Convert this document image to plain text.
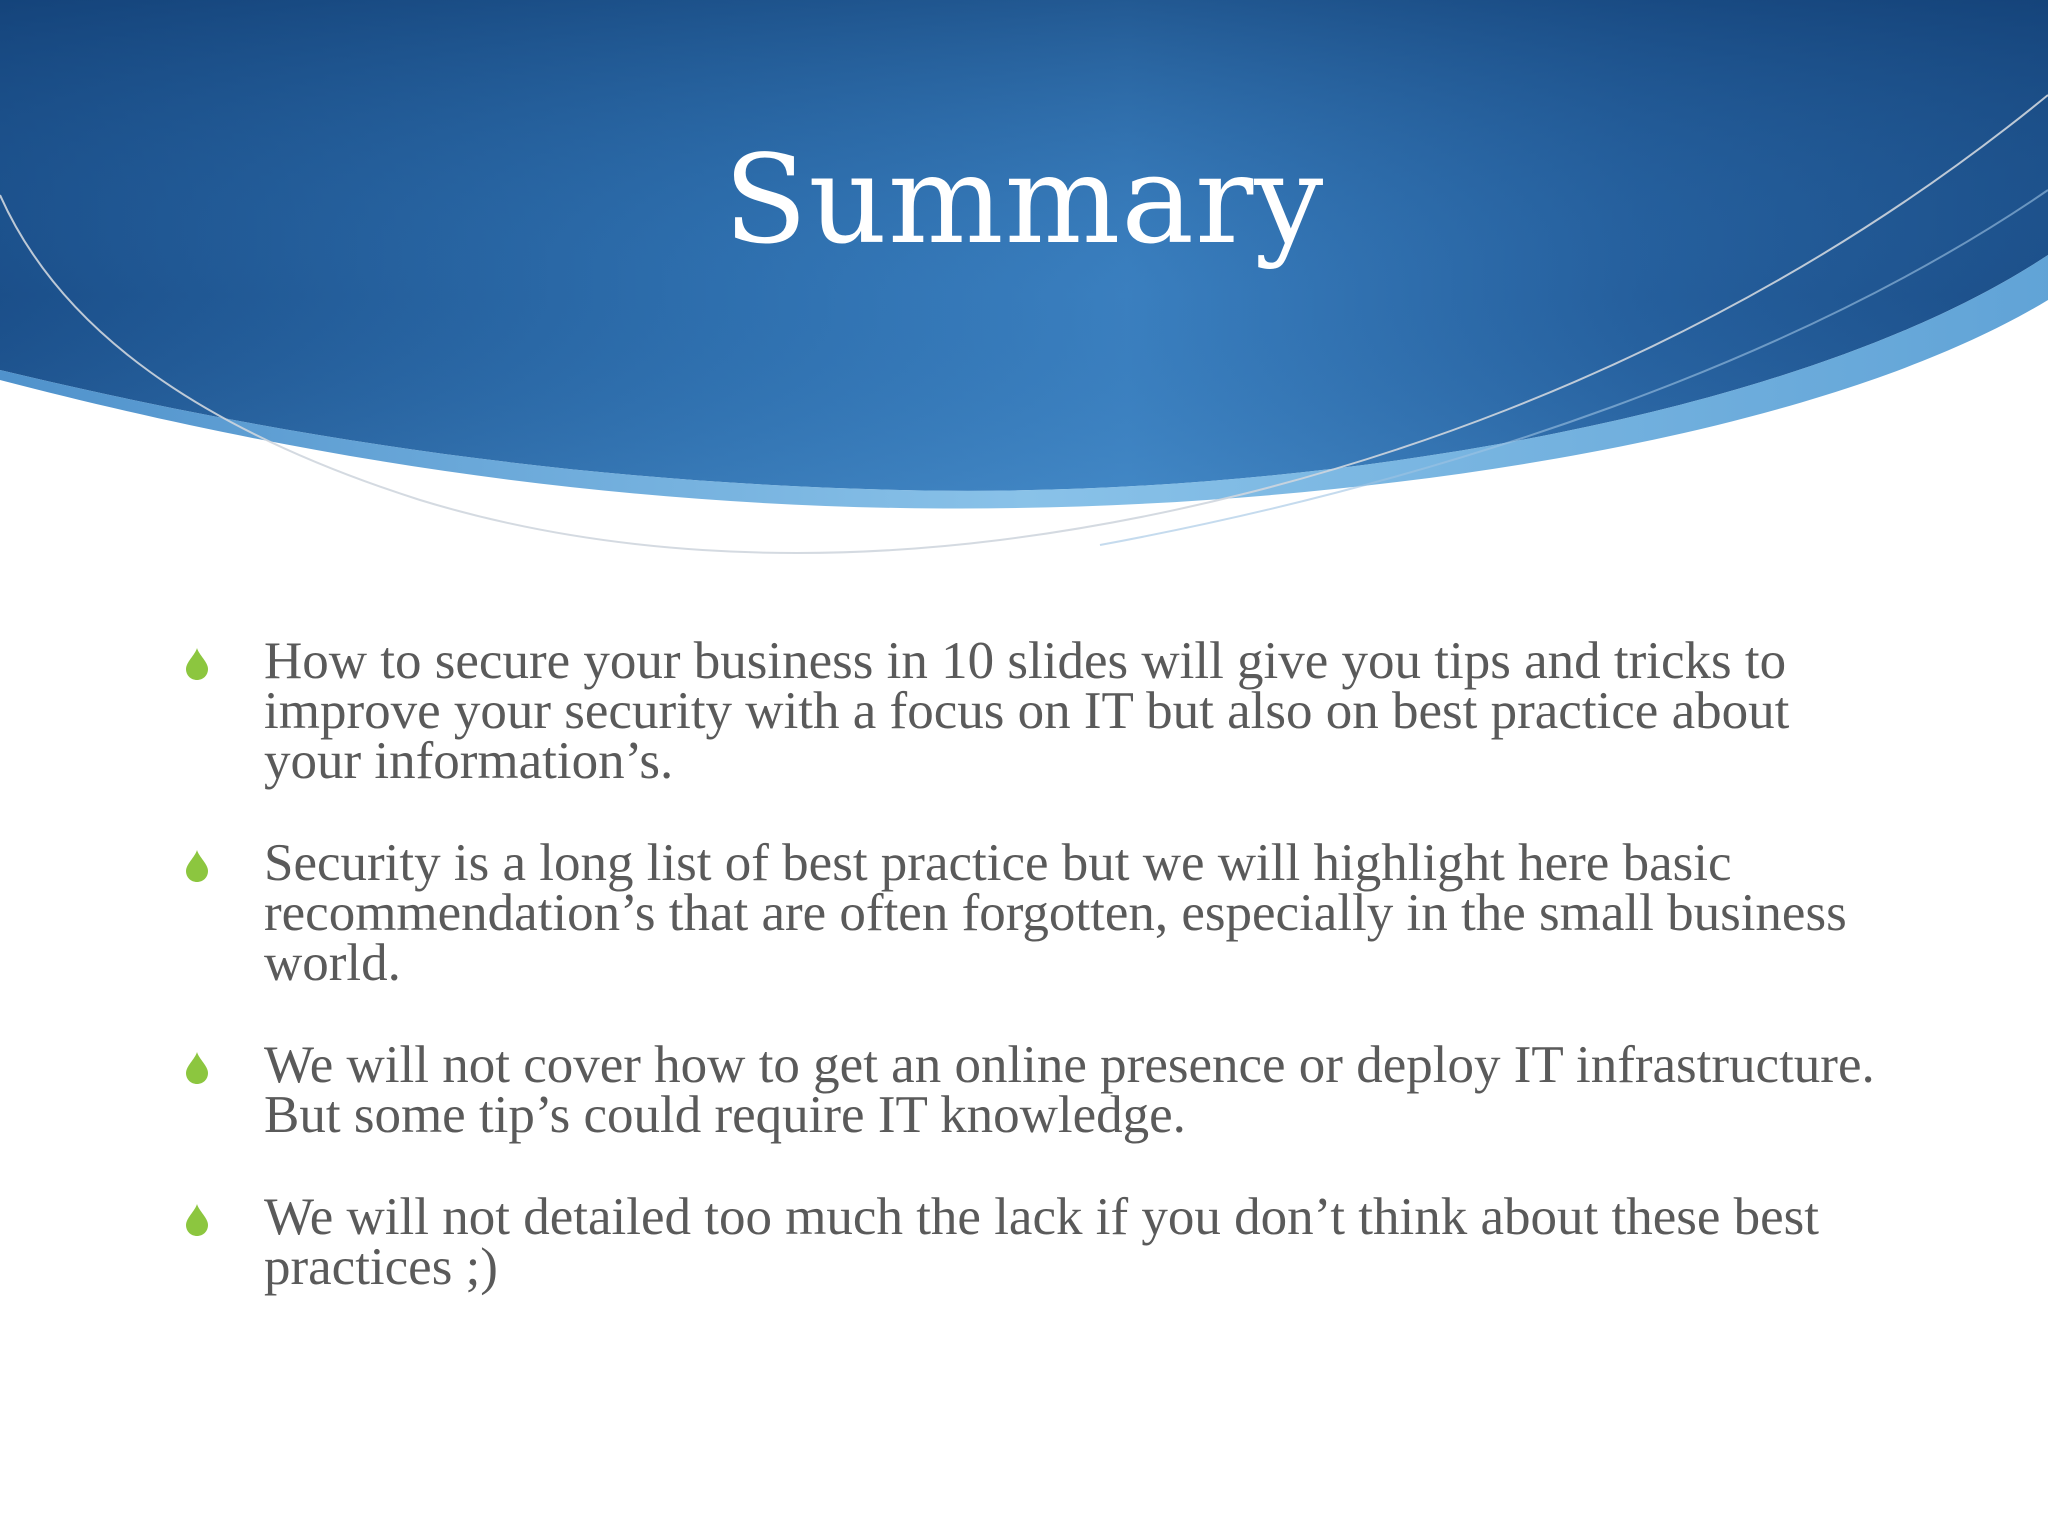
Summary
How to secure your business in 10 slides will give you tips and tricks to improve your security with a focus on IT but also on best practice about your information’s.
Security is a long list of best practice but we will highlight here basic recommendation’s that are often forgotten, especially in the small business world.
We will not cover how to get an online presence or deploy IT infrastructure. But some tip’s could require IT knowledge.
We will not detailed too much the lack if you don’t think about these best practices ;)
